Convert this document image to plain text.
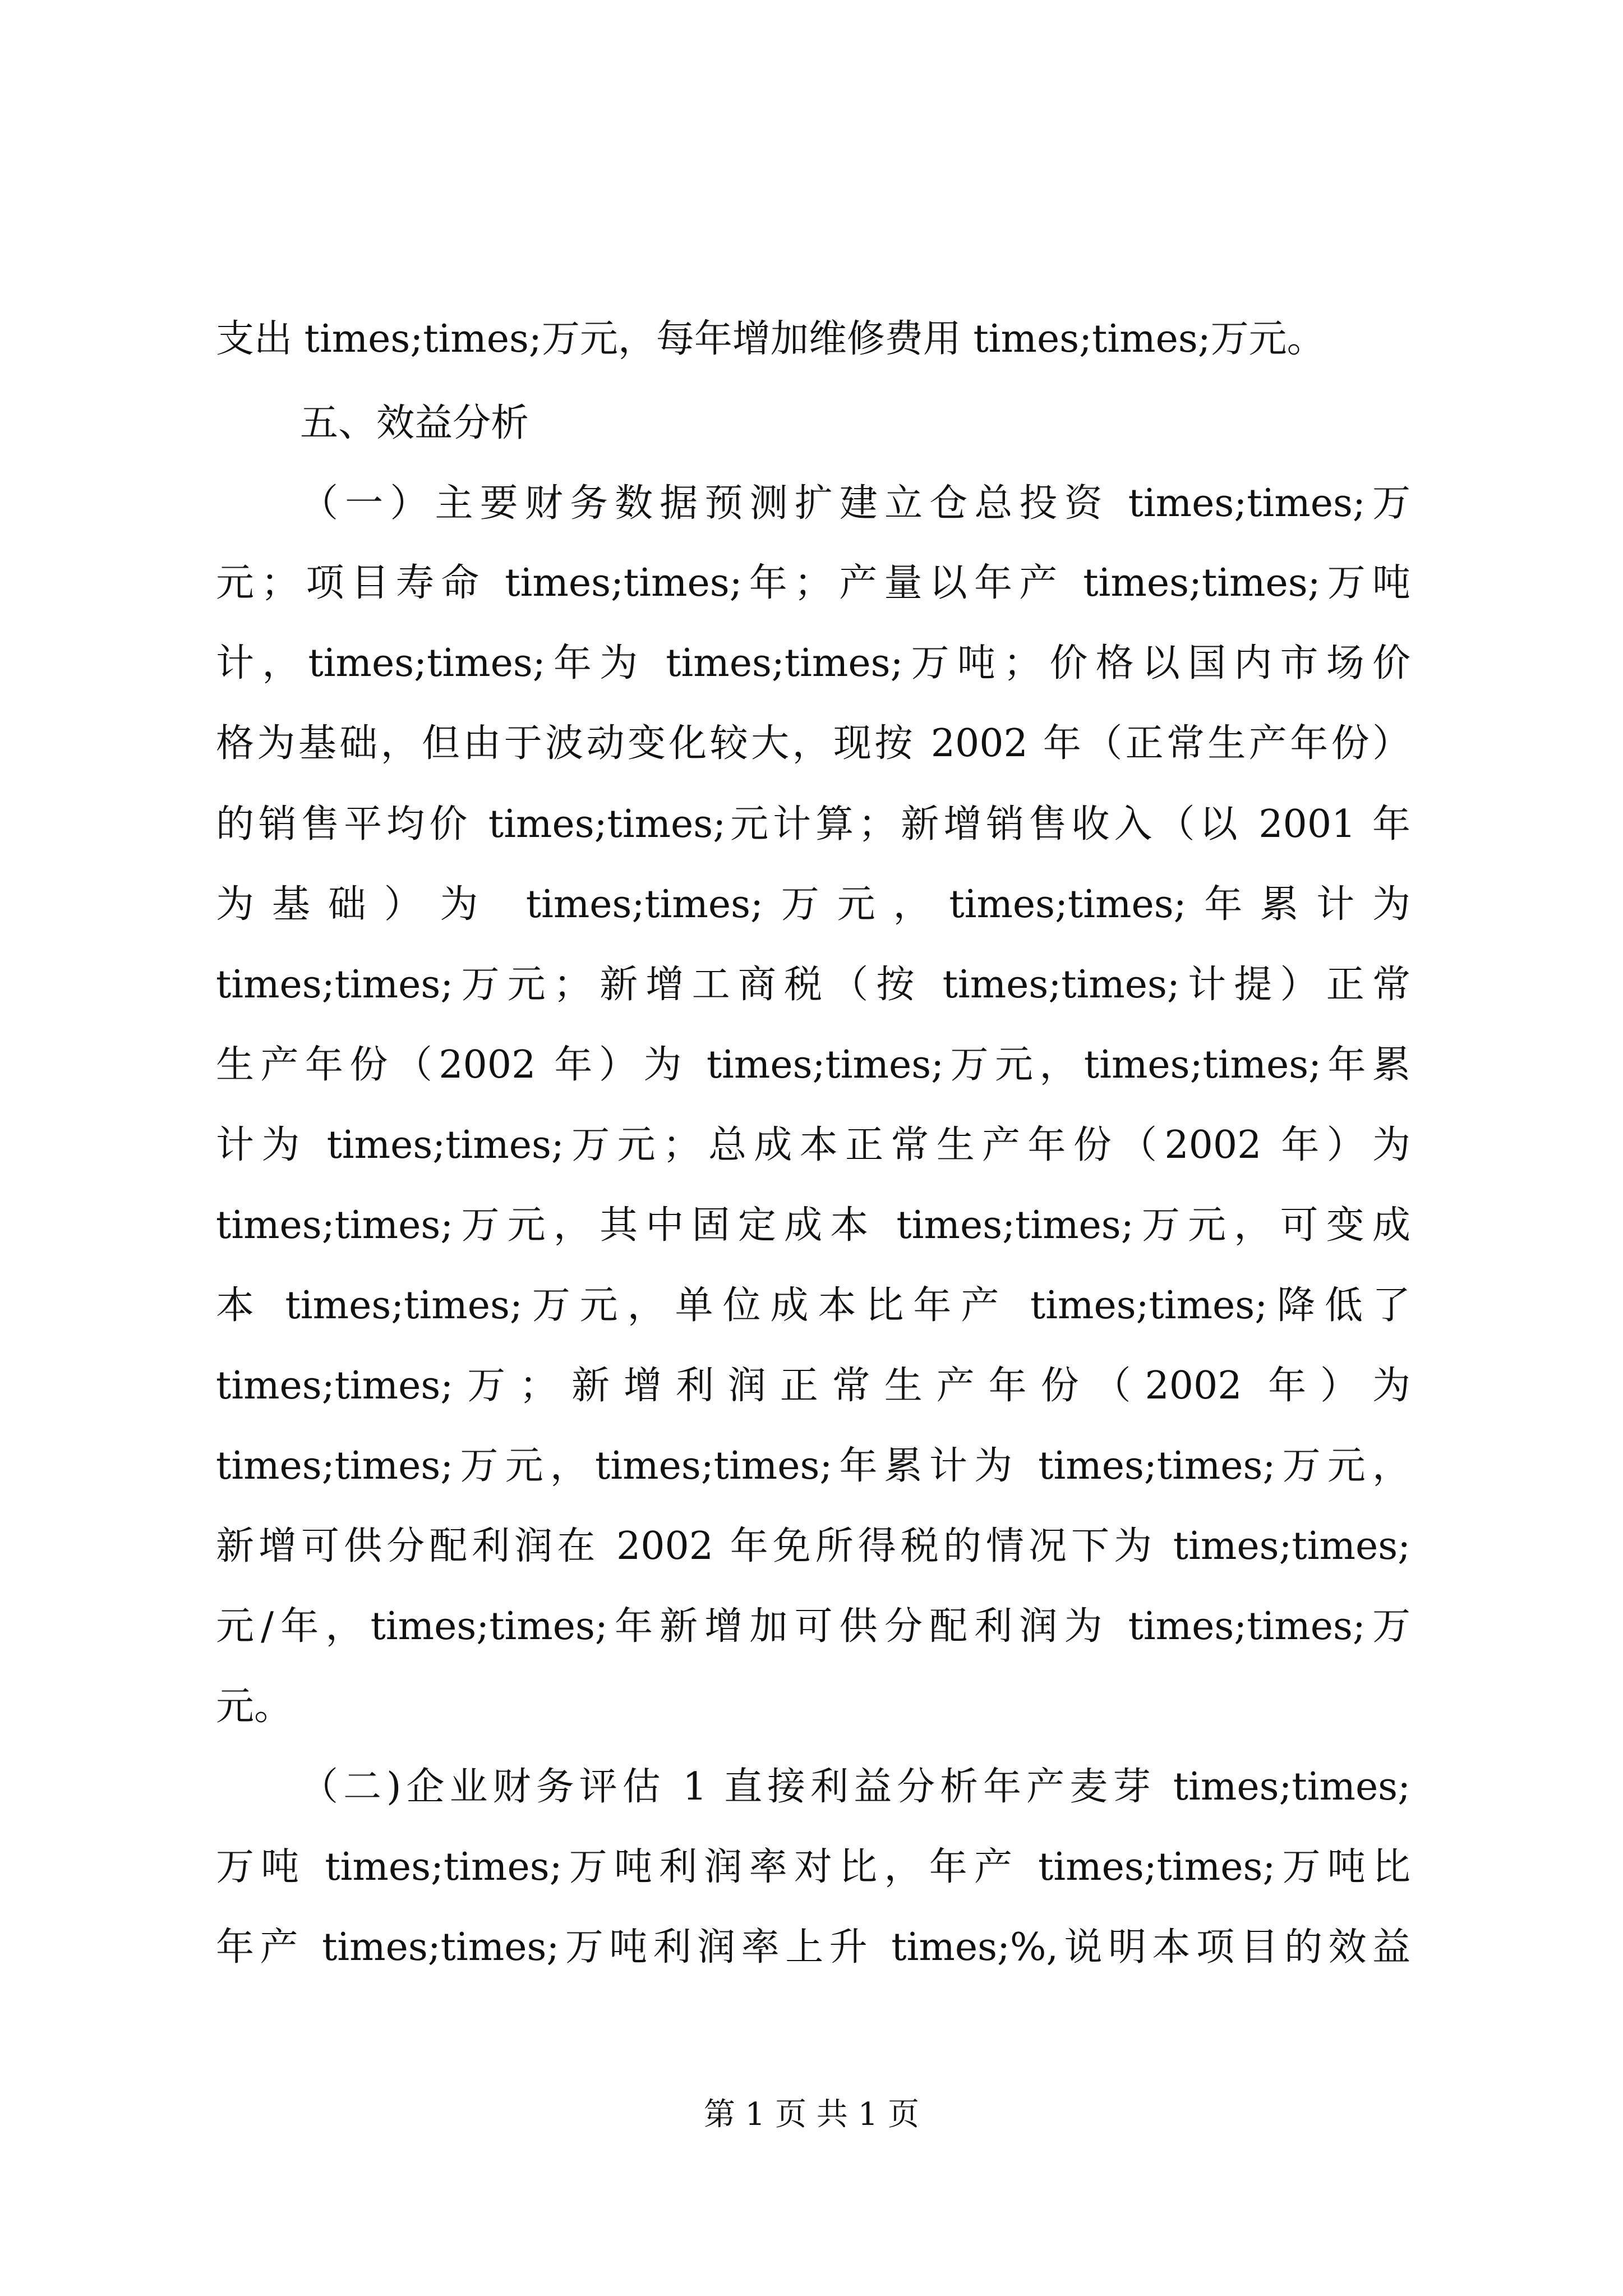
支出 times;times;万元，每年增加维修费用 times;times;万元。
五、效益分析
（一）主要财务数据预测扩建立仓总投资 times;times;万
元；项目寿命 times;times;年；产量以年产 times;times;万吨
计，times;times;年为 times;times;万吨；价格以国内市场价
格为基础，但由于波动变化较大，现按 2002 年（正常生产年份）
的销售平均价 times;times;元计算；新增销售收入（以 2001 年
为基础）为 times;times;万元，times;times;年累计为
times;times;万元；新增工商税（按 times;times;计提）正常
生产年份（2002 年）为 times;times;万元，times;times;年累
计为 times;times;万元；总成本正常生产年份（2002 年）为
times;times;万元，其中固定成本 times;times;万元，可变成
本 times;times;万元，单位成本比年产 times;times;降低了
times;times;万；新增利润正常生产年份（2002 年）为
times;times;万元，times;times;年累计为 times;times;万元，
新增可供分配利润在 2002 年免所得税的情况下为 times;times;
元/年，times;times;年新增加可供分配利润为 times;times;万
元。
（二)企业财务评估 1 直接利益分析年产麦芽 times;times;
万吨 times;times;万吨利润率对比，年产 times;times;万吨比
年产 times;times;万吨利润率上升 times;%,说明本项目的效益
第 1 页 共 1 页
